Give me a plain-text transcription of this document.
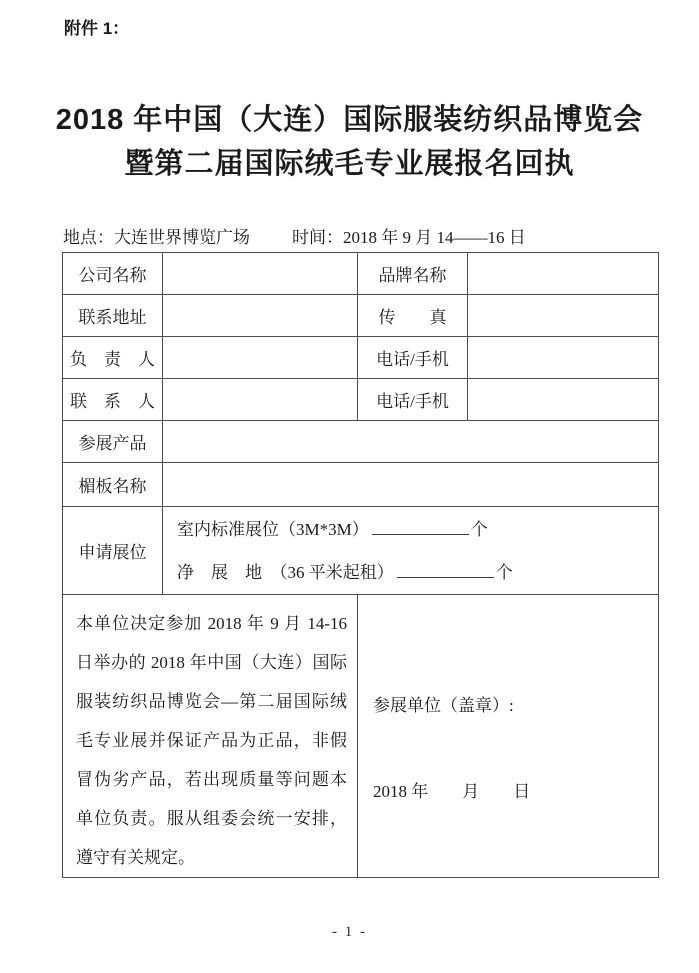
附件 1：
2018 年中国（大连）国际服装纺织品博览会
暨第二届国际绒毛专业展报名回执
地点：大连世界博览广场 时间：2018 年 9 月 14——16 日
公司名称		品牌名称	
联系地址		传　　真	
负　责　人		电话/手机	
联　系　人		电话/手机	
参展产品			
楣板名称			
申请展位	室内标准展位（3M*3M） 个
净　展　地　（36 平米起租） 个		

本单位决定参加 2018 年 9 月 14-16 日举办的 2018 年中国（大连）国际服装纺织品博览会—第二届国际绒毛专业展并保证产品为正品，非假冒伪劣产品，若出现质量等问题本单位负责。服从组委会统一安排，遵守有关规定。		参展单位（盖章）:
2018 年　　月　　日	
- 1 -
